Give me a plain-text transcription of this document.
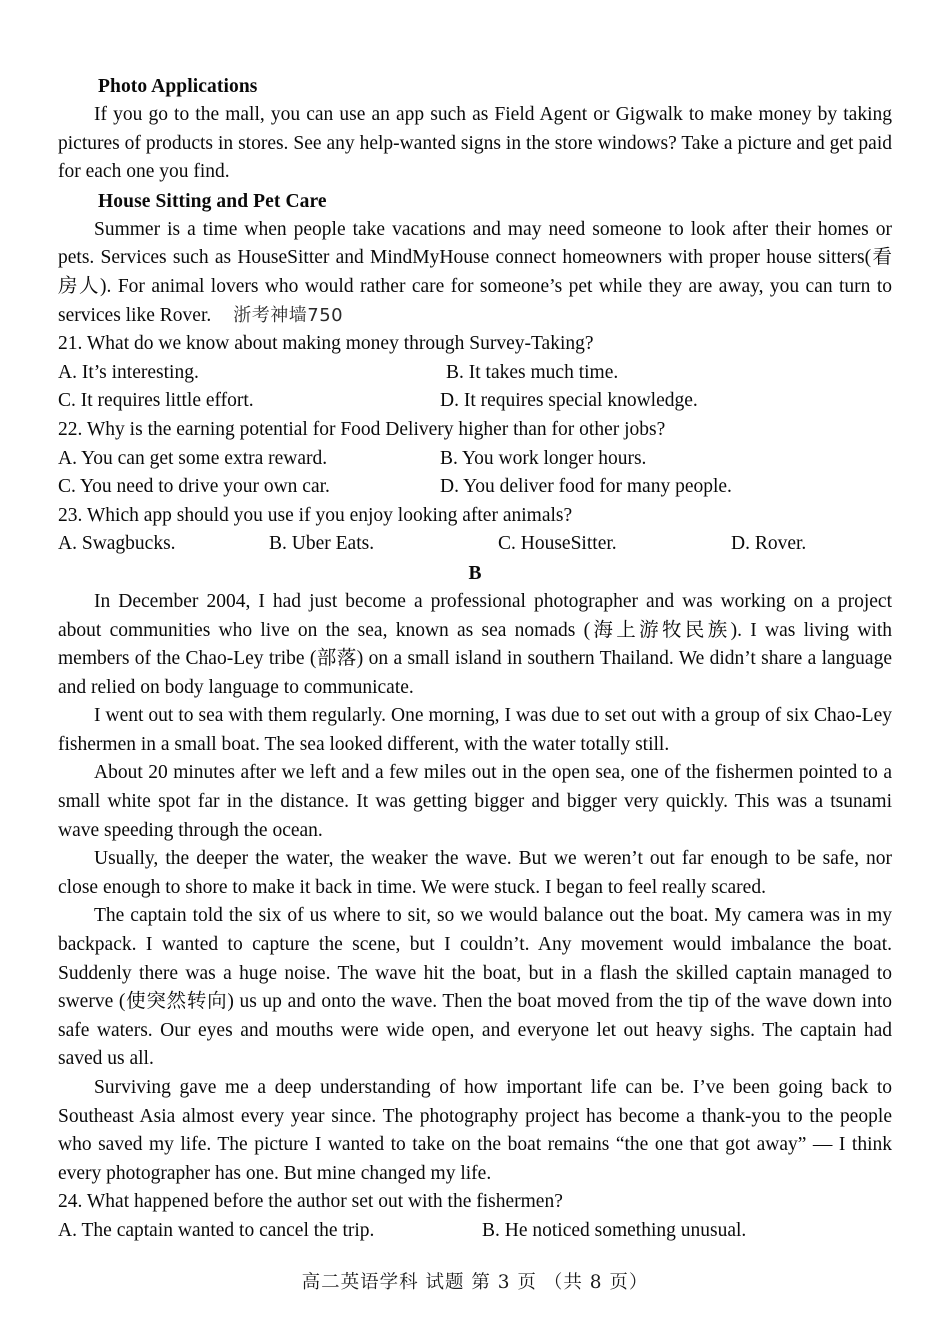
Photo Applications

If you go to the mall, you can use an app such as Field Agent or Gigwalk to make money by taking pictures of products in stores. See any help-wanted signs in the store windows? Take a picture and get paid for each one you find.

House Sitting and Pet Care

Summer is a time when people take vacations and may need someone to look after their homes or pets. Services such as HouseSitter and MindMyHouse connect homeowners with proper house sitters(看房人). For animal lovers who would rather care for someone’s pet while they are away, you can turn to services like Rover. 浙考神墙750

21. What do we know about making money through Survey-Taking?

A. It’s interesting.	B. It takes much time.
C. It requires little effort.	D. It requires special knowledge.

22. Why is the earning potential for Food Delivery higher than for other jobs?

A. You can get some extra reward.	B. You work longer hours.
C. You need to drive your own car.	D. You deliver food for many people.

23. Which app should you use if you enjoy looking after animals?

A. Swagbucks.	B. Uber Eats.	C. HouseSitter.	D. Rover.

B

In December 2004, I had just become a professional photographer and was working on a project about communities who live on the sea, known as sea nomads (海上游牧民族). I was living with members of the Chao-Ley tribe (部落) on a small island in southern Thailand. We didn’t share a language and relied on body language to communicate.

I went out to sea with them regularly. One morning, I was due to set out with a group of six Chao-Ley fishermen in a small boat. The sea looked different, with the water totally still.

About 20 minutes after we left and a few miles out in the open sea, one of the fishermen pointed to a small white spot far in the distance. It was getting bigger and bigger very quickly. This was a tsunami wave speeding through the ocean.

Usually, the deeper the water, the weaker the wave. But we weren’t out far enough to be safe, nor close enough to shore to make it back in time. We were stuck. I began to feel really scared.

The captain told the six of us where to sit, so we would balance out the boat. My camera was in my backpack. I wanted to capture the scene, but I couldn’t. Any movement would imbalance the boat. Suddenly there was a huge noise. The wave hit the boat, but in a flash the skilled captain managed to swerve (使突然转向) us up and onto the wave. Then the boat moved from the tip of the wave down into safe waters. Our eyes and mouths were wide open, and everyone let out heavy sighs. The captain had saved us all.

Surviving gave me a deep understanding of how important life can be. I’ve been going back to Southeast Asia almost every year since. The photography project has become a thank-you to the people who saved my life. The picture I wanted to take on the boat remains “the one that got away” — I think every photographer has one. But mine changed my life.

24. What happened before the author set out with the fishermen?

A. The captain wanted to cancel the trip.	B. He noticed something unusual.
高二英语学科 试题 第 3 页 （共 8 页）
